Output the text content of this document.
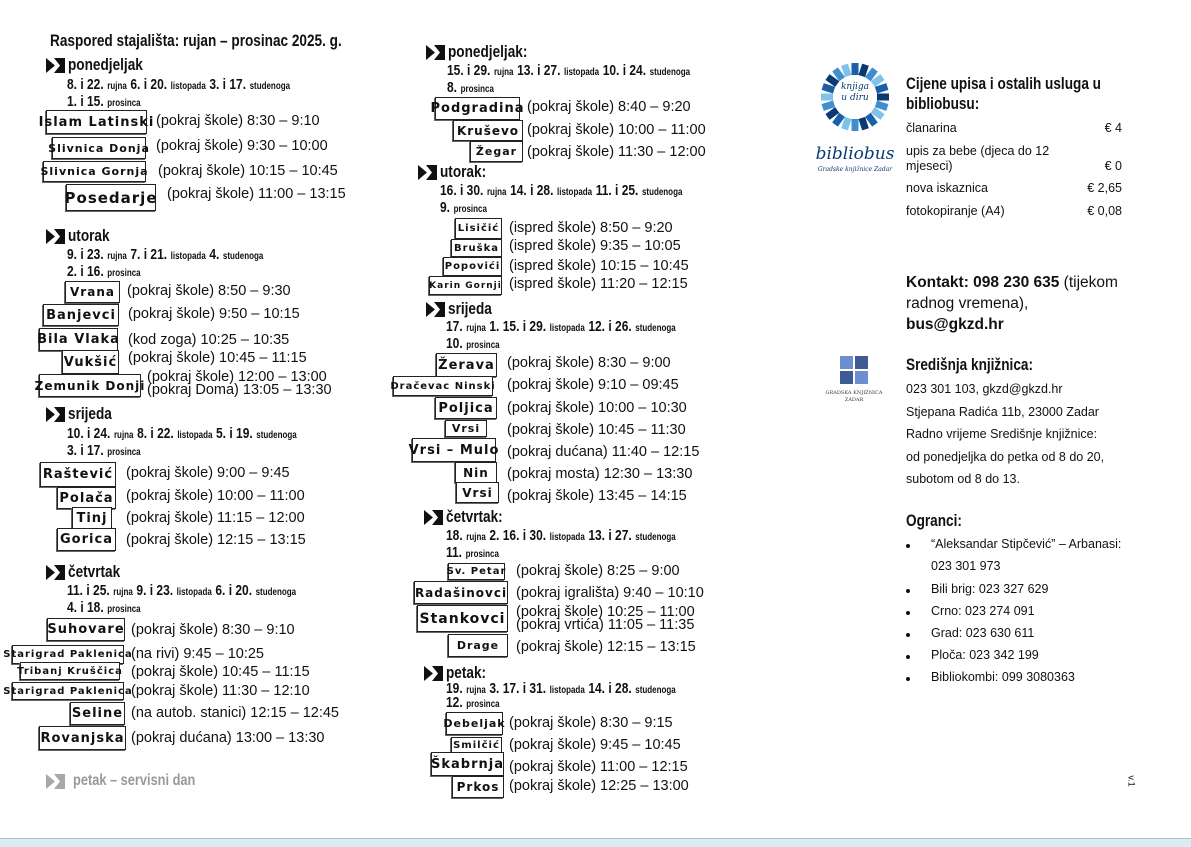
Raspored stajališta: rujan – prosinac 2025. g.
ponedjeljak
Islam Latinski (pokraj škole) 8:30 – 9:10
Slivnica Donja (pokraj škole) 9:30 – 10:00
Slivnica Gornja (pokraj škole) 10:15 – 10:45
Posedarje (pokraj škole) 11:00 – 13:15
8. i 22. rujna 6. i 20. listopada 3. i 17. studenoga
1. i 15. prosinca
utorak
Vrana (pokraj škole) 8:50 – 9:30
Banjevci (pokraj škole) 9:50 – 10:15
Bila Vlaka (kod zoga) 10:25 – 10:35
Vukšić (pokraj škole) 10:45 – 11:15
Zemunik Donji
(pokraj škole) 12:00 – 13:00
(pokraj Doma) 13:05 – 13:30
9. i 23. rujna 7. i 21. listopada 4. studenoga
2. i 16. prosinca
srijeda
Raštević (pokraj škole) 9:00 – 9:45
Polača (pokraj škole) 10:00 – 11:00
Tinj	(pokraj škole) 11:15 – 12:00
Gorica (pokraj škole) 12:15 – 13:15
10. i 24. rujna 8. i 22. listopada 5. i 19. studenoga
3. i 17. prosinca
četvrtak
Suhovare (pokraj škole) 8:30 – 9:10
Starigrad Paklenica
(na rivi) 9:45 – 10:25
Tribanj Kruščica (pokraj škole) 10:45 – 11:15
Starigrad Paklenica
(pokraj škole) 11:30 – 12:10
Seline (na autob. stanici) 12:15 – 12:45
Rovanjska (pokraj dućana) 13:00 – 13:30
11. i 25. rujna 9. i 23. listopada 6. i 20. studenoga
4. i 18. prosinca
petak – servisni dan
ponedjeljak:
Podgradina (pokraj škole) 8:40 – 9:20
Kruševo (pokraj škole) 10:00 – 11:00
Žegar (pokraj škole) 11:30 – 12:00
15. i 29. rujna 13. i 27. listopada 10. i 24. studenoga
8. prosinca
utorak:
Lisičić (ispred škole) 8:50 – 9:20
Bruška (ispred škole) 9:35 – 10:05
Popovići (ispred škole) 10:15 – 10:45
Karin Gornji (ispred škole) 11:20 – 12:15
16. i 30. rujna 14. i 28. listopada 11. i 25. studenoga
9. prosinca
srijeda
Žerava (pokraj škole) 8:30 – 9:00
Dračevac Ninski (pokraj škole) 9:10 – 09:45
Poljica (pokraj škole) 10:00 – 10:30
Vrsi	(pokraj škole) 10:45 – 11:30
Vrsi – Mulo (pokraj dućana) 11:40 – 12:15
Nin	(pokraj mosta) 12:30 – 13:30
Vrsi (pokraj škole) 13:45 – 14:15
17. rujna 1. 15. i 29. listopada 12. i 26. studenoga
10. prosinca
četvrtak:
Sv. Petar (pokraj škole) 8:25 – 9:00
Radašinovci (pokraj igrališta) 9:40 – 10:10
Stankovci (pokraj škole) 10:25 – 11:00
(pokraj vrtića) 11:05 – 11:35
Drage	(pokraj škole) 12:15 – 13:15
18. rujna 2. 16. i 30. listopada 13. i 27. studenoga
11. prosinca
petak:
Debeljak (pokraj škole) 8:30 – 9:15
Smilčić (pokraj škole) 9:45 – 10:45
Škabrnja (pokraj škole) 11:00 – 12:15
Prkos (pokraj škole) 12:25 – 13:00
19. rujna 3. 17. i 31. listopada 14. i 28. studenoga
12. prosinca
knjiga
u diru
bibliobus
Gradske knjižnice Zadar
Cijene upisa i ostalih usluga u
bibliobusu:
članarina	€ 4
upis za bebe (djeca do 12 mjeseci)	€ 0
nova iskaznica	€ 2,65
fotokopiranje (A4)	€ 0,08
Kontakt: 098 230 635 (tijekom radnog vremena),
bus@gkzd.hr
GRADSKA KNJIŽNICA
ZADAR
Središnja knjižnica:
023 301 103, gkzd@gkzd.hr
Stjepana Radića 11b, 23000 Zadar
Radno vrijeme Središnje knjižnice:
od ponedjeljka do petka od 8 do 20,
subotom od 8 do 13.
Ogranci:
“Aleksandar Stipčević” – Arbanasi:
023 301 973
Bili brig: 023 327 629
Crno: 023 274 091
Grad: 023 630 611
Ploča: 023 342 199
Bibliokombi: 099 3080363
v.1
